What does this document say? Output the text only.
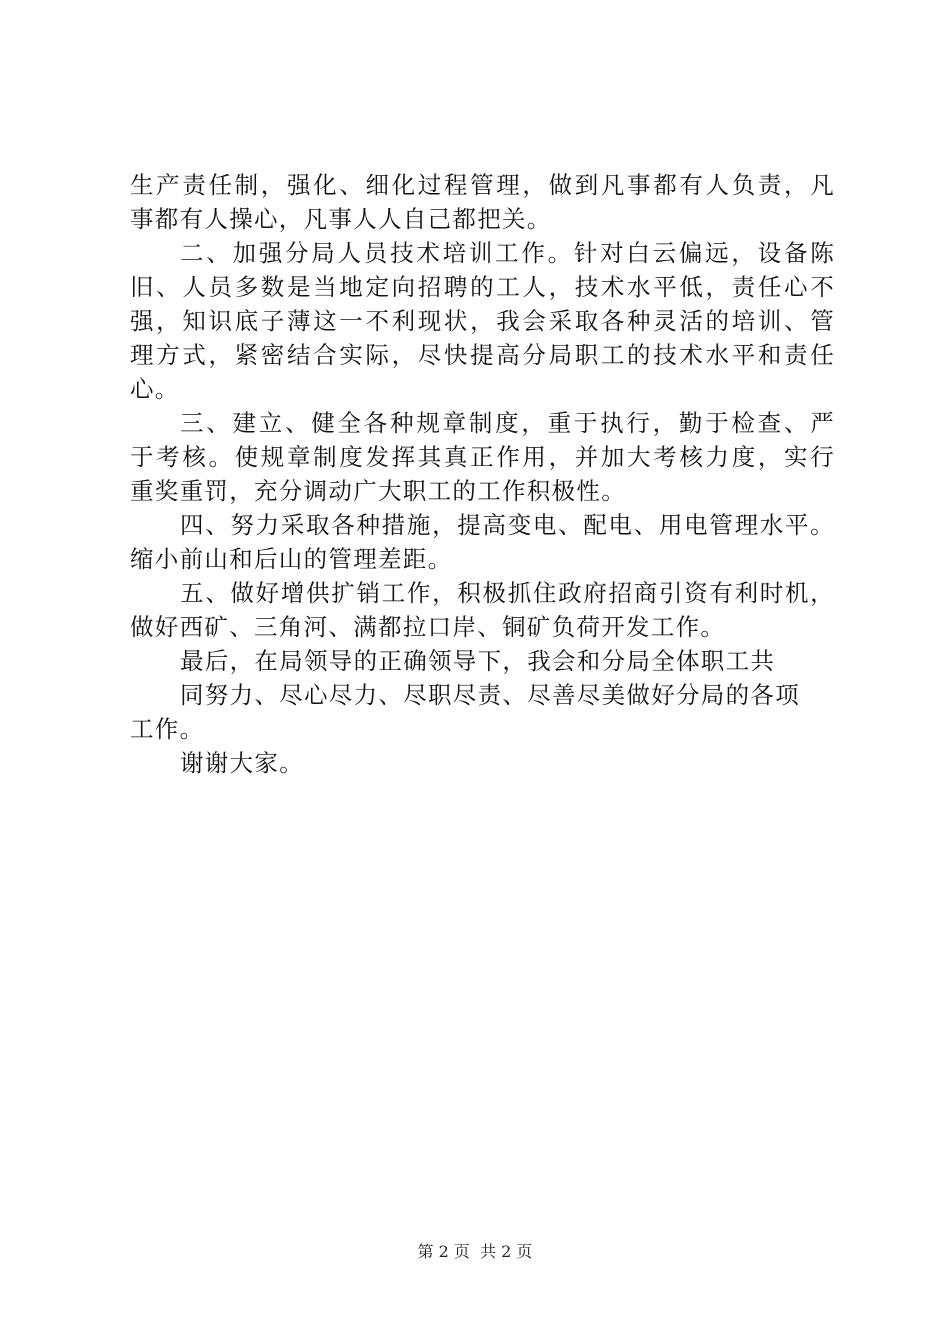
生产责任制，强化、细化过程管理，做到凡事都有人负责，凡
事都有人操心，凡事人人自己都把关。
二、加强分局人员技术培训工作。针对白云偏远，设备陈
旧、人员多数是当地定向招聘的工人，技术水平低，责任心不
强，知识底子薄这一不利现状，我会采取各种灵活的培训、管
理方式，紧密结合实际，尽快提高分局职工的技术水平和责任
心。
三、建立、健全各种规章制度，重于执行，勤于检查、严
于考核。使规章制度发挥其真正作用，并加大考核力度，实行
重奖重罚，充分调动广大职工的工作积极性。
四、努力采取各种措施，提高变电、配电、用电管理水平。
缩小前山和后山的管理差距。
五、做好增供扩销工作，积极抓住政府招商引资有利时机，
做好西矿、三角河、满都拉口岸、铜矿负荷开发工作。
最后，在局领导的正确领导下，我会和分局全体职工共
同努力、尽心尽力、尽职尽责、尽善尽美做好分局的各项
工作。
谢谢大家。
第 2 页  共 2 页
